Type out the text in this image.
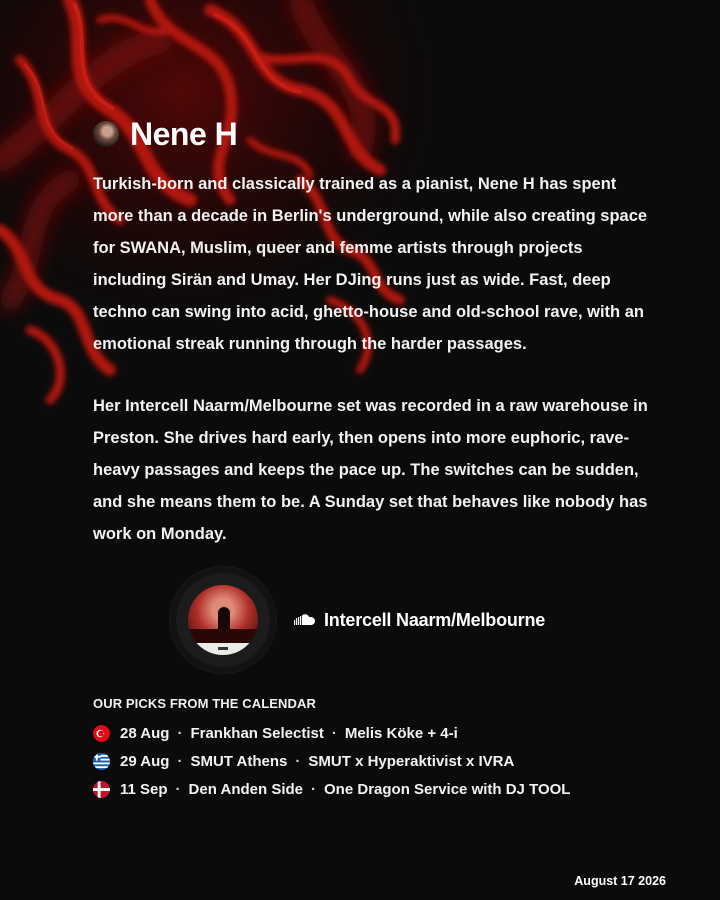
Nene H

Turkish-born and classically trained as a pianist, Nene H has spent more than a decade in Berlin's underground, while also creating space for SWANA, Muslim, queer and femme artists through projects including Sirän and Umay. Her DJing runs just as wide. Fast, deep techno can swing into acid, ghetto-house and old-school rave, with an emotional streak running through the harder passages.

Her Intercell Naarm/Melbourne set was recorded in a raw warehouse in Preston. She drives hard early, then opens into more euphoric, rave-heavy passages and keeps the pace up. The switches can be sudden, and she means them to be. A Sunday set that behaves like nobody has work on Monday.

Intercell Naarm/Melbourne
OUR PICKS FROM THE CALENDAR
28 Aug · Frankhan Selectist · Melis Köke + 4-i
29 Aug · SMUT Athens · SMUT x Hyperaktivist x IVRA
11 Sep · Den Anden Side · One Dragon Service with DJ TOOL
August 17 2026
